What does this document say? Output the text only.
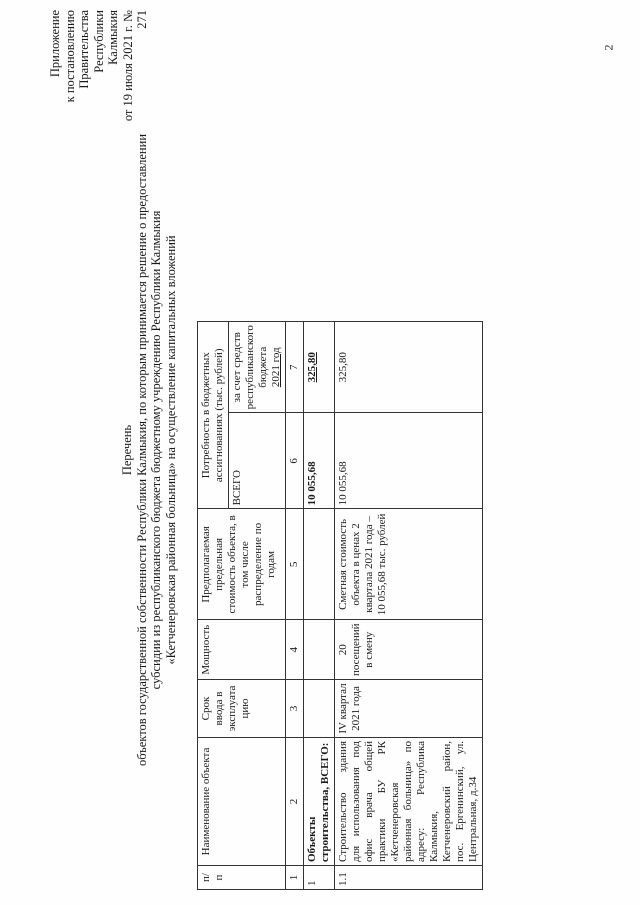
2
Приложение к постановлению Правительства Республики Калмыкия от 19 июля 2021 г. № 271
Перечень объектов государственной собственности Республики Калмыкия, по которым принимается решение о предоставлении субсидии из республиканского бюджета бюджетному учреждению Республики Калмыкия «Кетченеровская районная больница» на осуществление капитальных вложений
п/ п	Наименование объекта	Срок ввода в эксплуата цию	Мощность	Предполагаемая предельная стоимость объекта, в том числе распределение по годам	Потребность в бюджетных ассигнованиях (тыс. рублей)	
					ВСЕГО	за счет средств республиканского бюджета 2021 год

1	2	3	4	5	6	7
1	Объекты строительства, ВСЕГО:				10 055,68	325,80
1.1	Строительство здания для использования под офис врача общей практики БУ РК «Кетченеровская районная больница» по адресу: Республика Калмыкия, Кетченеровский район, пос. Ергенинский, ул. Центральная, д.34	IV квартал 2021 года	20 посещений в смену	Сметная стоимость объекта в ценах 2 квартала 2021 года – 10 055,68 тыс. рублей	10 055,68	325,80
